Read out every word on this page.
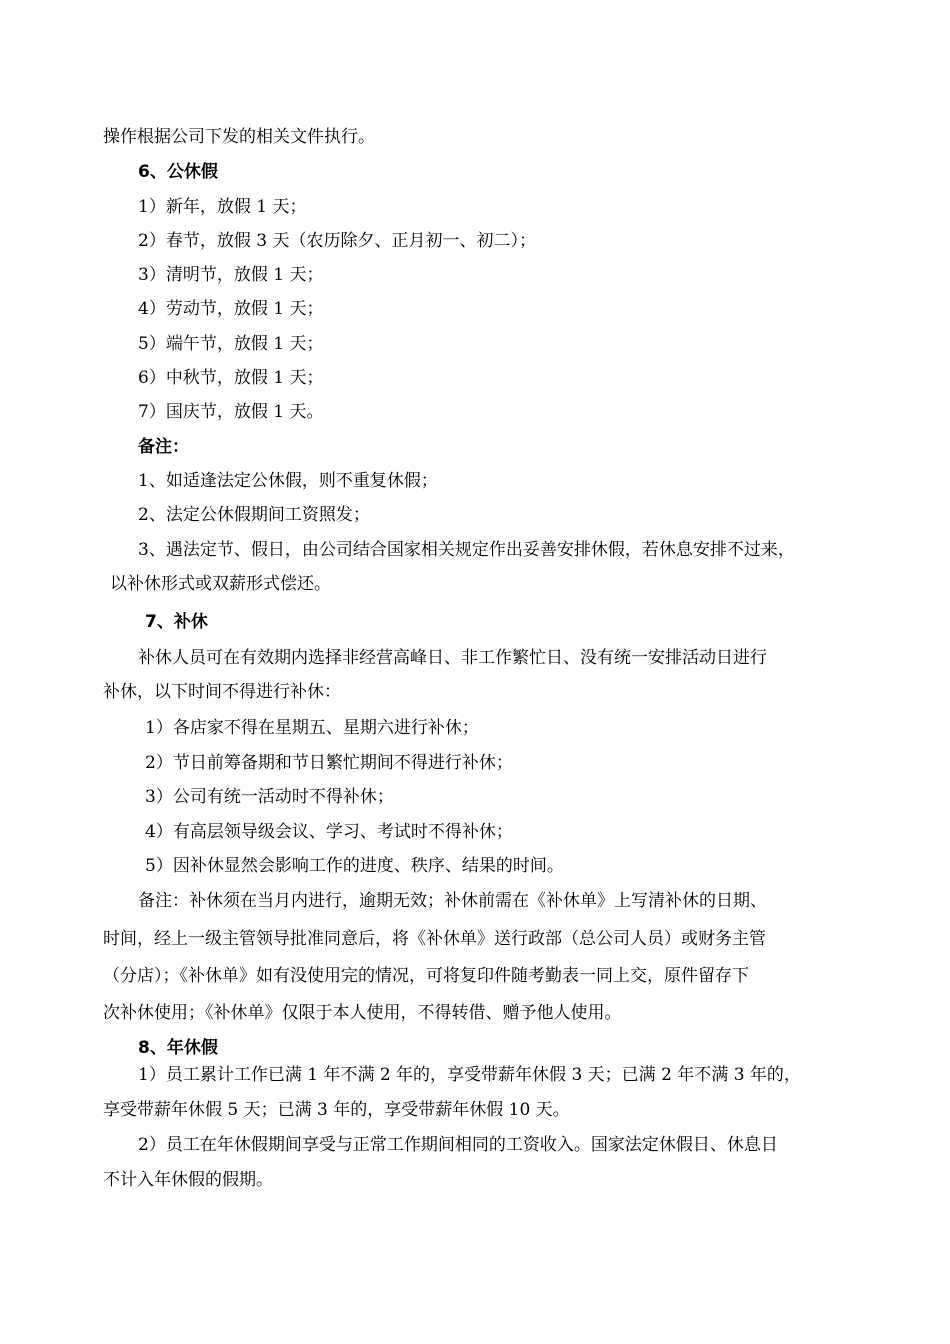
操作根据公司下发的相关文件执行。

6、公休假

1）新年，放假 1 天；

2）春节，放假 3 天（农历除夕、正月初一、初二）；

3）清明节，放假 1 天；

4）劳动节，放假 1 天；

5）端午节，放假 1 天；

6）中秋节，放假 1 天；

7）国庆节，放假 1 天。

备注：

1、如适逢法定公休假，则不重复休假；

2、法定公休假期间工资照发；

3、遇法定节、假日，由公司结合国家相关规定作出妥善安排休假，若休息安排不过来，

以补休形式或双薪形式偿还。

7、补休

补休人员可在有效期内选择非经营高峰日、非工作繁忙日、没有统一安排活动日进行

补休，以下时间不得进行补休：

1）各店家不得在星期五、星期六进行补休；

2）节日前筹备期和节日繁忙期间不得进行补休；

3）公司有统一活动时不得补休；

4）有高层领导级会议、学习、考试时不得补休；

5）因补休显然会影响工作的进度、秩序、结果的时间。

备注：补休须在当月内进行，逾期无效；补休前需在《补休单》上写清补休的日期、

时间，经上一级主管领导批准同意后，将《补休单》送行政部（总公司人员）或财务主管

（分店）；《补休单》如有没使用完的情况，可将复印件随考勤表一同上交，原件留存下

次补休使用；《补休单》仅限于本人使用，不得转借、赠予他人使用。

8、年休假

1）员工累计工作已满 1 年不满 2 年的，享受带薪年休假 3 天；已满 2 年不满 3 年的，

享受带薪年休假 5 天；已满 3 年的，享受带薪年休假 10 天。

2）员工在年休假期间享受与正常工作期间相同的工资收入。国家法定休假日、休息日

不计入年休假的假期。
